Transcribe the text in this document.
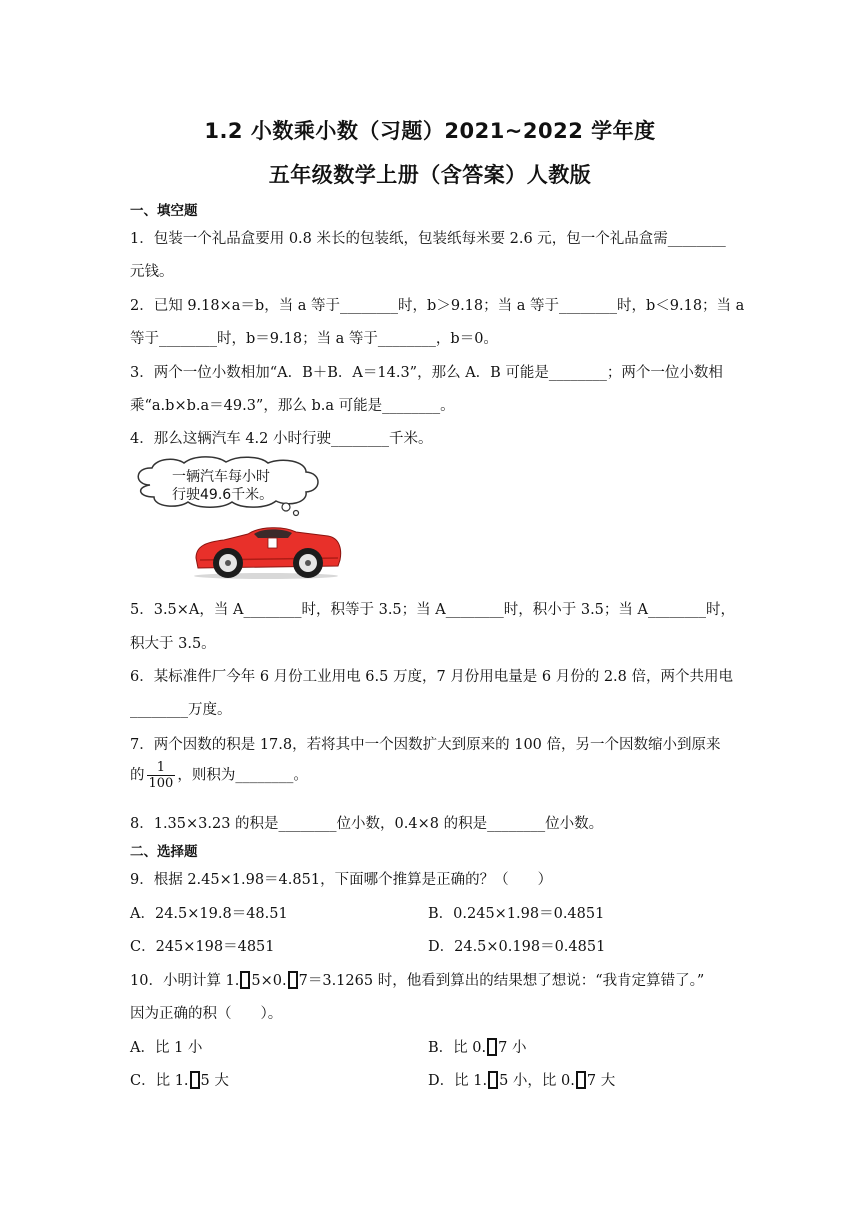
1.2 小数乘小数（习题）2021~2022 学年度
五年级数学上册（含答案）人教版
一、填空题
1．包装一个礼品盒要用 0.8 米长的包装纸，包装纸每米要 2.6 元，包一个礼品盒需________
元钱。
2．已知 9.18×a＝b，当 a 等于________时，b＞9.18；当 a 等于________时，b＜9.18；当 a
等于________时，b＝9.18；当 a 等于________，b＝0。
3．两个一位小数相加“A．B＋B．A＝14.3”，那么 A．B 可能是________；两个一位小数相
乘“a.b×b.a＝49.3”，那么 b.a 可能是________。
4．那么这辆汽车 4.2 小时行驶________千米。
一辆汽车每小时
行驶49.6千米。
5．3.5×A，当 A________时，积等于 3.5；当 A________时，积小于 3.5；当 A________时，
积大于 3.5。
6．某标准件厂今年 6 月份工业用电 6.5 万度，7 月份用电量是 6 月份的 2.8 倍，两个共用电
________万度。
7．两个因数的积是 17.8，若将其中一个因数扩大到原来的 100 倍，另一个因数缩小到原来
的 $\frac{1}{100}$ ，则积为________。
8．1.35×3.23 的积是________位小数，0.4×8 的积是________位小数。
二、选择题
9．根据 2.45×1.98＝4.851，下面哪个推算是正确的？（　　）
A．24.5×19.8＝48.51	B．0.245×1.98＝0.4851
C．245×198＝4851	D．24.5×0.198＝0.4851
10．小明计算 1. 5×0. 7＝3.1265 时，他看到算出的结果想了想说：“我肯定算错了。”
因为正确的积（　　）。
A．比 1 小	B．比 0. 7 小
C．比 1. 5 大	D．比 1. 5 小，比 0. 7 大
